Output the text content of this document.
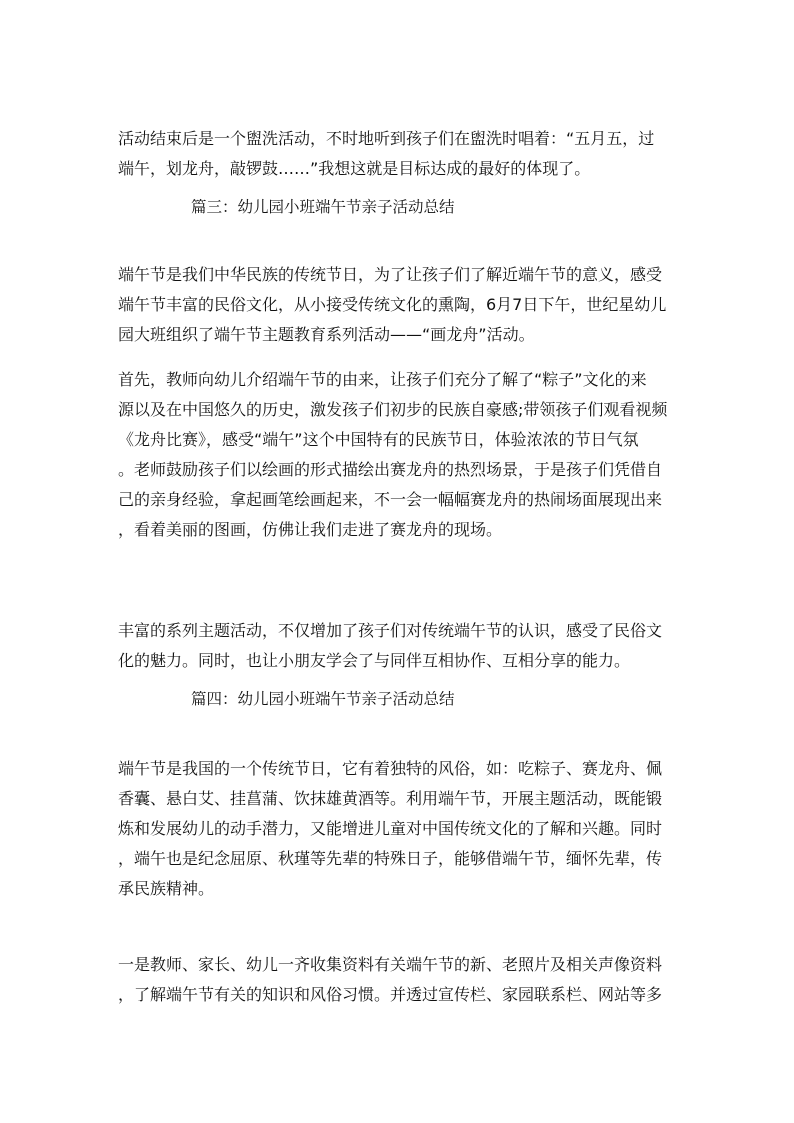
活动结束后是一个盥洗活动，不时地听到孩子们在盥洗时唱着：“五月五，过
端午，划龙舟，敲锣鼓……”我想这就是目标达成的最好的体现了。
篇三：幼儿园小班端午节亲子活动总结
端午节是我们中华民族的传统节日，为了让孩子们了解近端午节的意义，感受
端午节丰富的民俗文化，从小接受传统文化的熏陶，6月7日下午，世纪星幼儿
园大班组织了端午节主题教育系列活动——“画龙舟”活动。
首先，教师向幼儿介绍端午节的由来，让孩子们充分了解了“粽子”文化的来
源以及在中国悠久的历史，激发孩子们初步的民族自豪感;带领孩子们观看视频
《龙舟比赛》，感受“端午”这个中国特有的民族节日，体验浓浓的节日气氛
。老师鼓励孩子们以绘画的形式描绘出赛龙舟的热烈场景，于是孩子们凭借自
己的亲身经验，拿起画笔绘画起来，不一会一幅幅赛龙舟的热闹场面展现出来
，看着美丽的图画，仿佛让我们走进了赛龙舟的现场。
丰富的系列主题活动，不仅增加了孩子们对传统端午节的认识，感受了民俗文
化的魅力。同时，也让小朋友学会了与同伴互相协作、互相分享的能力。
篇四：幼儿园小班端午节亲子活动总结
端午节是我国的一个传统节日，它有着独特的风俗，如：吃粽子、赛龙舟、佩
香囊、悬白艾、挂菖蒲、饮抹雄黄酒等。利用端午节，开展主题活动，既能锻
炼和发展幼儿的动手潜力，又能增进儿童对中国传统文化的了解和兴趣。同时
，端午也是纪念屈原、秋瑾等先辈的特殊日子，能够借端午节，缅怀先辈，传
承民族精神。
一是教师、家长、幼儿一齐收集资料有关端午节的新、老照片及相关声像资料
，了解端午节有关的知识和风俗习惯。并透过宣传栏、家园联系栏、网站等多
